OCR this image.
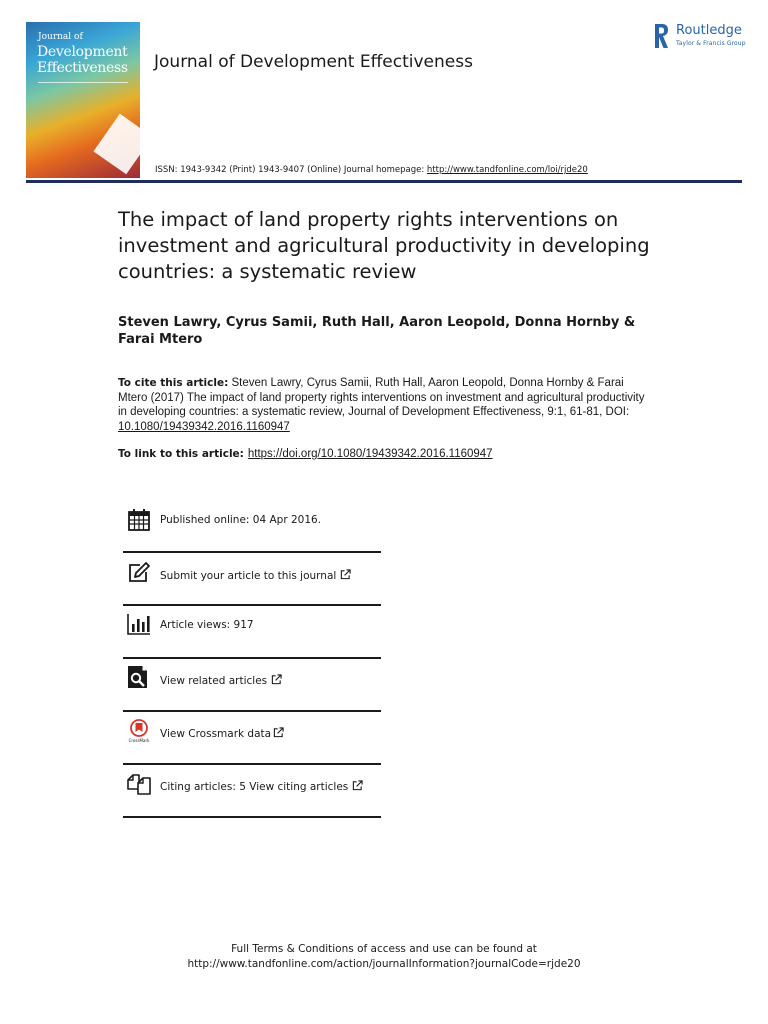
Journal of
Development
Effectiveness Journal of Development Effectiveness
Routledge
Taylor & Francis Group
ISSN: 1943-9342 (Print) 1943-9407 (Online) Journal homepage: http://www.tandfonline.com/loi/rjde20
The impact of land property rights interventions on investment and agricultural productivity in developing countries: a systematic review

Steven Lawry, Cyrus Samii, Ruth Hall, Aaron Leopold, Donna Hornby & Farai Mtero

To cite this article: Steven Lawry, Cyrus Samii, Ruth Hall, Aaron Leopold, Donna Hornby & Farai Mtero (2017) The impact of land property rights interventions on investment and agricultural productivity in developing countries: a systematic review, Journal of Development Effectiveness, 9:1, 61-81, DOI: 10.1080/19439342.2016.1160947

To link to this article: https://doi.org/10.1080/19439342.2016.1160947

Published online: 04 Apr 2016.
Submit your article to this journal
Article views: 917
View related articles
CrossMark
View Crossmark data
Citing articles: 5 View citing articles
Full Terms & Conditions of access and use can be found at
http://www.tandfonline.com/action/journalInformation?journalCode=rjde20
